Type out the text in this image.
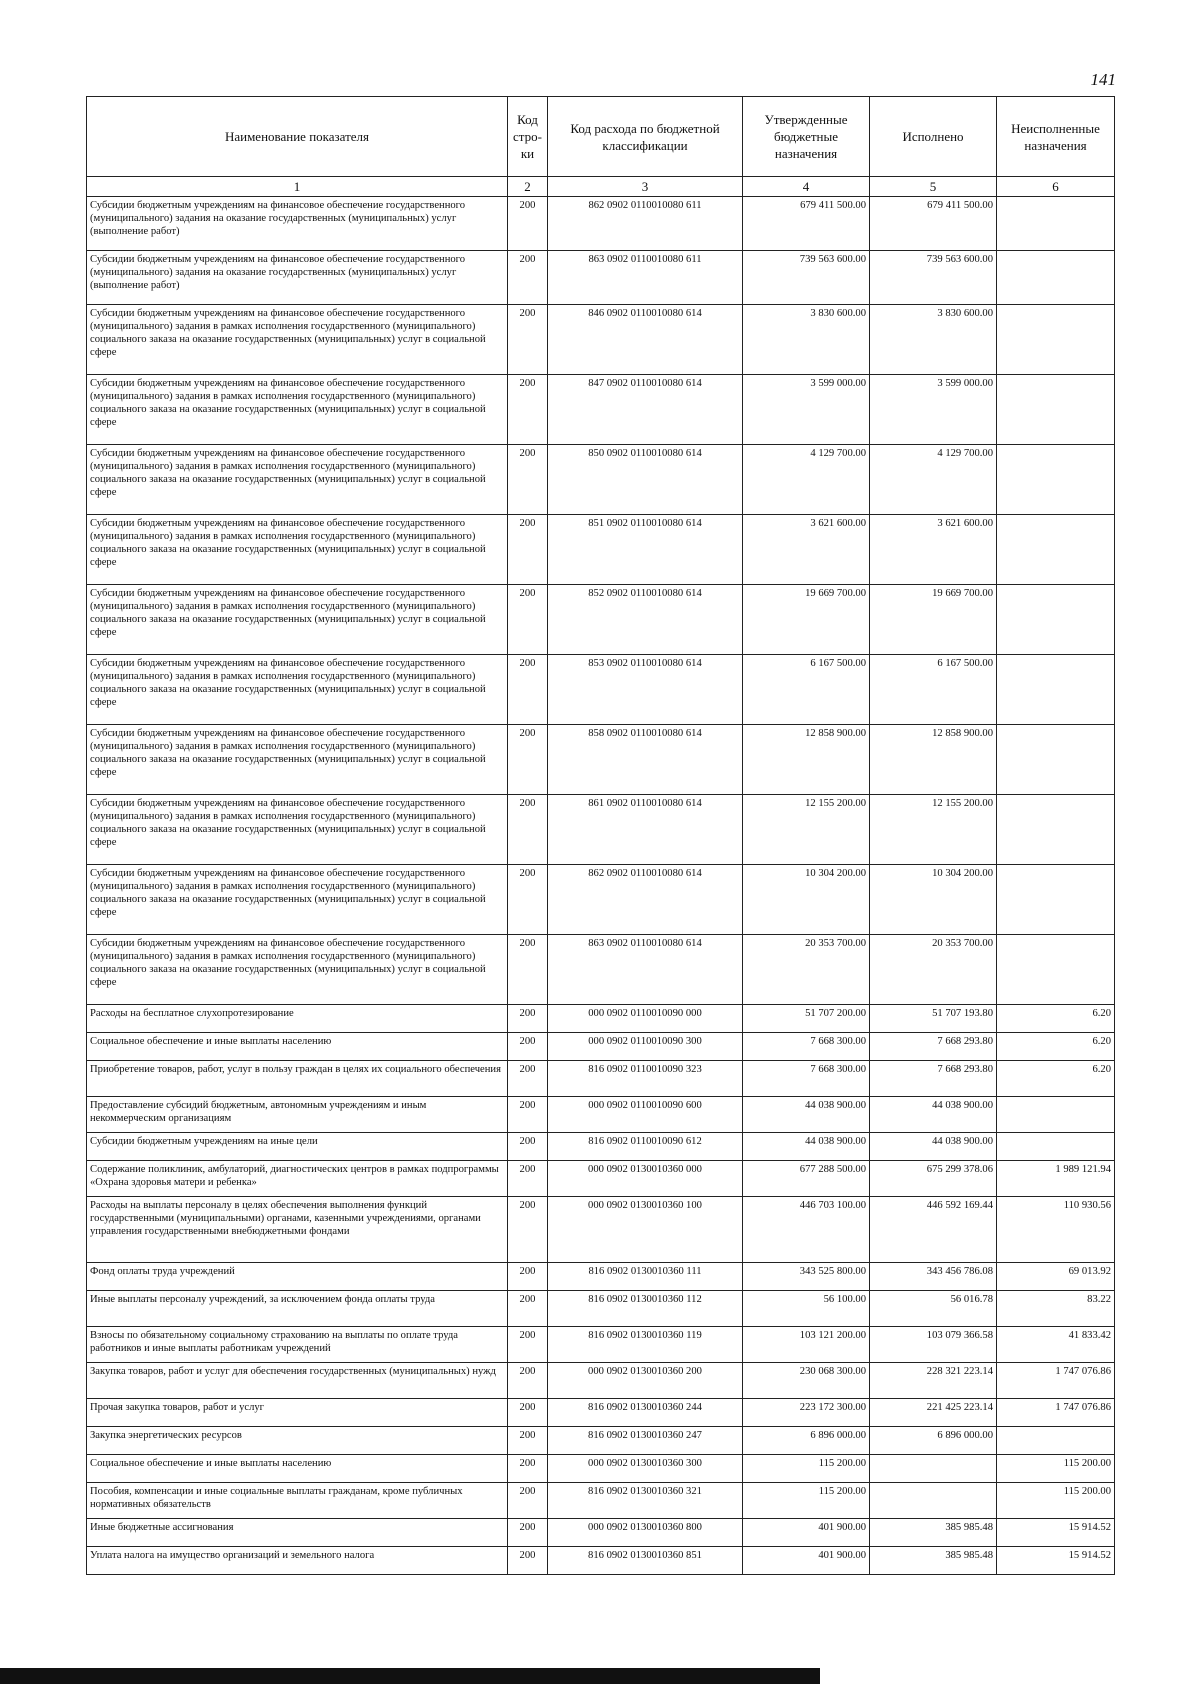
141
Наименование показателя	Код стро-ки	Код расхода по бюджетной классификации	Утвержденные бюджетные назначения	Исполнено	Неисполненные назначения
1	2	3	4	5	6
Субсидии бюджетным учреждениям на финансовое обеспечение государственного (муниципального) задания на оказание государственных (муниципальных) услуг (выполнение работ)	200	862 0902 0110010080 611	679 411 500.00	679 411 500.00	
Субсидии бюджетным учреждениям на финансовое обеспечение государственного (муниципального) задания на оказание государственных (муниципальных) услуг (выполнение работ)	200	863 0902 0110010080 611	739 563 600.00	739 563 600.00	
Субсидии бюджетным учреждениям на финансовое обеспечение государственного (муниципального) задания в рамках исполнения государственного (муниципального) социального заказа на оказание государственных (муниципальных) услуг в социальной сфере	200	846 0902 0110010080 614	3 830 600.00	3 830 600.00	
Субсидии бюджетным учреждениям на финансовое обеспечение государственного (муниципального) задания в рамках исполнения государственного (муниципального) социального заказа на оказание государственных (муниципальных) услуг в социальной сфере	200	847 0902 0110010080 614	3 599 000.00	3 599 000.00	
Субсидии бюджетным учреждениям на финансовое обеспечение государственного (муниципального) задания в рамках исполнения государственного (муниципального) социального заказа на оказание государственных (муниципальных) услуг в социальной сфере	200	850 0902 0110010080 614	4 129 700.00	4 129 700.00	
Субсидии бюджетным учреждениям на финансовое обеспечение государственного (муниципального) задания в рамках исполнения государственного (муниципального) социального заказа на оказание государственных (муниципальных) услуг в социальной сфере	200	851 0902 0110010080 614	3 621 600.00	3 621 600.00	
Субсидии бюджетным учреждениям на финансовое обеспечение государственного (муниципального) задания в рамках исполнения государственного (муниципального) социального заказа на оказание государственных (муниципальных) услуг в социальной сфере	200	852 0902 0110010080 614	19 669 700.00	19 669 700.00	
Субсидии бюджетным учреждениям на финансовое обеспечение государственного (муниципального) задания в рамках исполнения государственного (муниципального) социального заказа на оказание государственных (муниципальных) услуг в социальной сфере	200	853 0902 0110010080 614	6 167 500.00	6 167 500.00	
Субсидии бюджетным учреждениям на финансовое обеспечение государственного (муниципального) задания в рамках исполнения государственного (муниципального) социального заказа на оказание государственных (муниципальных) услуг в социальной сфере	200	858 0902 0110010080 614	12 858 900.00	12 858 900.00	
Субсидии бюджетным учреждениям на финансовое обеспечение государственного (муниципального) задания в рамках исполнения государственного (муниципального) социального заказа на оказание государственных (муниципальных) услуг в социальной сфере	200	861 0902 0110010080 614	12 155 200.00	12 155 200.00	
Субсидии бюджетным учреждениям на финансовое обеспечение государственного (муниципального) задания в рамках исполнения государственного (муниципального) социального заказа на оказание государственных (муниципальных) услуг в социальной сфере	200	862 0902 0110010080 614	10 304 200.00	10 304 200.00	
Субсидии бюджетным учреждениям на финансовое обеспечение государственного (муниципального) задания в рамках исполнения государственного (муниципального) социального заказа на оказание государственных (муниципальных) услуг в социальной сфере	200	863 0902 0110010080 614	20 353 700.00	20 353 700.00	
Расходы на бесплатное слухопротезирование	200	000 0902 0110010090 000	51 707 200.00	51 707 193.80	6.20
Социальное обеспечение и иные выплаты населению	200	000 0902 0110010090 300	7 668 300.00	7 668 293.80	6.20
Приобретение товаров, работ, услуг в пользу граждан в целях их социального обеспечения	200	816 0902 0110010090 323	7 668 300.00	7 668 293.80	6.20
Предоставление субсидий бюджетным, автономным учреждениям и иным некоммерческим организациям	200	000 0902 0110010090 600	44 038 900.00	44 038 900.00	
Субсидии бюджетным учреждениям на иные цели	200	816 0902 0110010090 612	44 038 900.00	44 038 900.00	
Содержание поликлиник, амбулаторий, диагностических центров в рамках подпрограммы «Охрана здоровья матери и ребенка»	200	000 0902 0130010360 000	677 288 500.00	675 299 378.06	1 989 121.94
Расходы на выплаты персоналу в целях обеспечения выполнения функций государственными (муниципальными) органами, казенными учреждениями, органами управления государственными внебюджетными фондами	200	000 0902 0130010360 100	446 703 100.00	446 592 169.44	110 930.56
Фонд оплаты труда учреждений	200	816 0902 0130010360 111	343 525 800.00	343 456 786.08	69 013.92
Иные выплаты персоналу учреждений, за исключением фонда оплаты труда	200	816 0902 0130010360 112	56 100.00	56 016.78	83.22
Взносы по обязательному социальному страхованию на выплаты по оплате труда работников и иные выплаты работникам учреждений	200	816 0902 0130010360 119	103 121 200.00	103 079 366.58	41 833.42
Закупка товаров, работ и услуг для обеспечения государственных (муниципальных) нужд	200	000 0902 0130010360 200	230 068 300.00	228 321 223.14	1 747 076.86
Прочая закупка товаров, работ и услуг	200	816 0902 0130010360 244	223 172 300.00	221 425 223.14	1 747 076.86
Закупка энергетических ресурсов	200	816 0902 0130010360 247	6 896 000.00	6 896 000.00	
Социальное обеспечение и иные выплаты населению	200	000 0902 0130010360 300	115 200.00		115 200.00
Пособия, компенсации и иные социальные выплаты гражданам, кроме публичных нормативных обязательств	200	816 0902 0130010360 321	115 200.00		115 200.00
Иные бюджетные ассигнования	200	000 0902 0130010360 800	401 900.00	385 985.48	15 914.52
Уплата налога на имущество организаций и земельного налога	200	816 0902 0130010360 851	401 900.00	385 985.48	15 914.52
